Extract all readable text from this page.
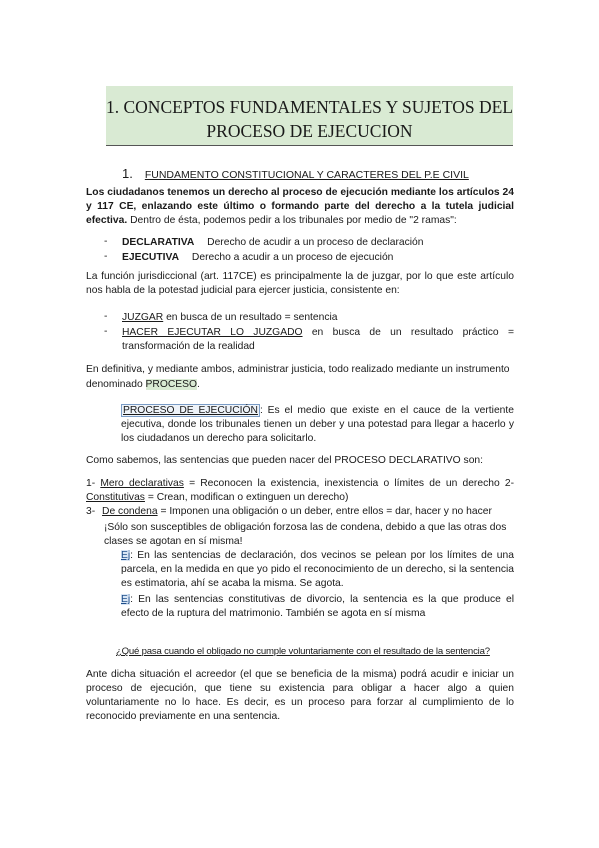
1. CONCEPTOS FUNDAMENTALES Y SUJETOS DEL
PROCESO DE EJECUCION
1. FUNDAMENTO CONSTITUCIONAL Y CARACTERES DEL P.E CIVIL

Los ciudadanos tenemos un derecho al proceso de ejecución mediante los artículos 24 y 117 CE, enlazando este último o formando parte del derecho a la tutela judicial efectiva. Dentro de ésta, podemos pedir a los tribunales por medio de "2 ramas":

- DECLARATIVA Derecho de acudir a un proceso de declaración

- EJECUTIVA Derecho a acudir a un proceso de ejecución

La función jurisdiccional (art. 117CE) es principalmente la de juzgar, por lo que este artículo nos habla de la potestad judicial para ejercer justicia, consistente en:

- JUZGAR en busca de un resultado = sentencia

- HACER EJECUTAR LO JUZGADO en busca de un resultado práctico = transformación de la realidad

En definitiva, y mediante ambos, administrar justicia, todo realizado mediante un instrumento denominado PROCESO.

PROCESO DE EJECUCIÓN : Es el medio que existe en el cauce de la vertiente ejecutiva, donde los tribunales tienen un deber y una potestad para llegar a hacerlo y los ciudadanos un derecho para solicitarlo.

Como sabemos, las sentencias que pueden nacer del PROCESO DECLARATIVO son:

1- Mero declarativas = Reconocen la existencia, inexistencia o límites de un derecho 2- Constitutivas = Crean, modifican o extinguen un derecho)

3- De condena = Imponen una obligación o un deber, entre ellos = dar, hacer y no hacer

¡Sólo son susceptibles de obligación forzosa las de condena, debido a que las otras dos clases se agotan en sí misma!

Ej: En las sentencias de declaración, dos vecinos se pelean por los límites de una parcela, en la medida en que yo pido el reconocimiento de un derecho, si la sentencia es estimatoria, ahí se acaba la misma. Se agota.

Ej: En las sentencias constitutivas de divorcio, la sentencia es la que produce el efecto de la ruptura del matrimonio. También se agota en sí misma

¿Qué pasa cuando el obligado no cumple voluntariamente con el resultado de la sentencia?

Ante dicha situación el acreedor (el que se beneficia de la misma) podrá acudir e iniciar un proceso de ejecución, que tiene su existencia para obligar a hacer algo a quien voluntariamente no lo hace. Es decir, es un proceso para forzar al cumplimiento de lo reconocido previamente en una sentencia.
